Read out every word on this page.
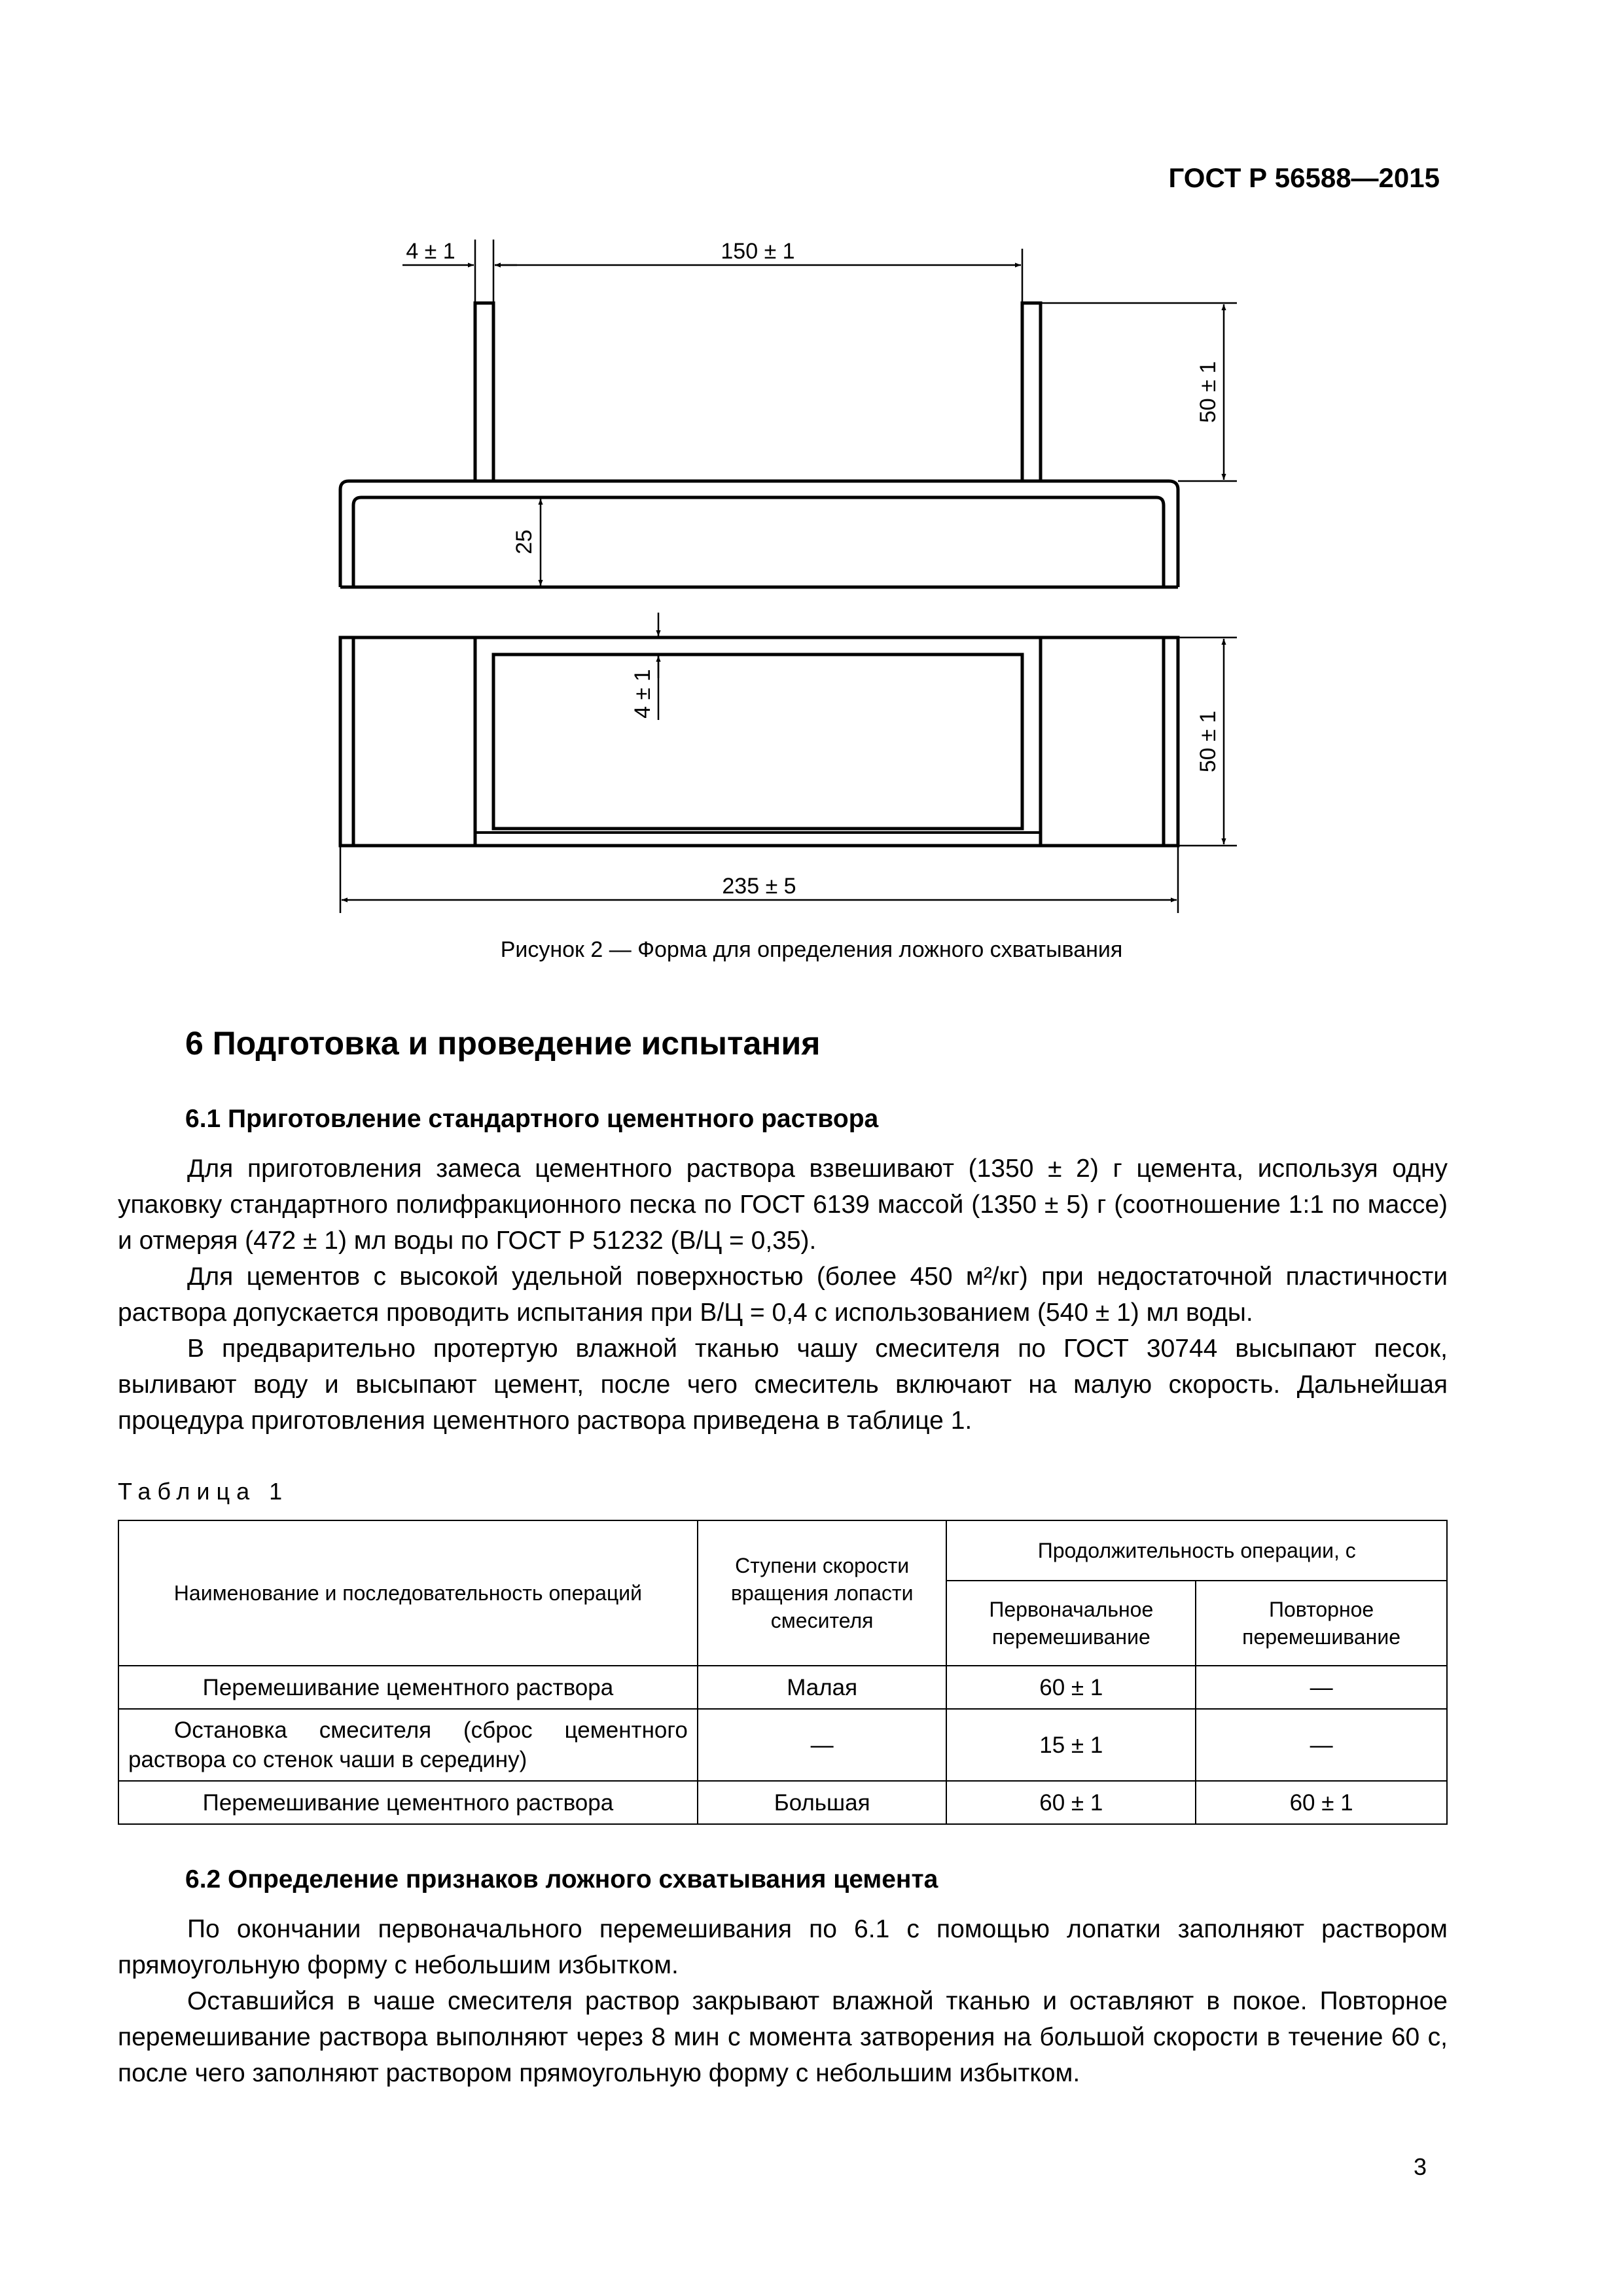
ГОСТ Р 56588—2015
4 ± 1	150 ± 1
50 ± 1
25
4 ± 1
50 ± 1
235 ± 5
Рисунок 2 — Форма для определения ложного схватывания
6 Подготовка и проведение испытания
6.1 Приготовление стандартного цементного раствора
Для приготовления замеса цементного раствора взвешивают (1350 ± 2) г цемента, используя одну упаковку стандартного полифракционного песка по ГОСТ 6139 массой (1350 ± 5) г (соотношение 1:1 по массе) и отмеряя (472 ± 1) мл воды по ГОСТ Р 51232 (В/Ц = 0,35).
Для цементов с высокой удельной поверхностью (более 450 м²/кг) при недостаточной пластичности раствора допускается проводить испытания при В/Ц = 0,4 с использованием (540 ± 1) мл воды.
В предварительно протертую влажной тканью чашу смесителя по ГОСТ 30744 высыпают песок, выливают воду и высыпают цемент, после чего смеситель включают на малую скорость. Дальнейшая процедура приготовления цементного раствора приведена в таблице 1.
Таблица 1
Наименование и последовательность операций	Ступени скорости вращения лопасти смесителя	Продолжительность операции, с	
		Первоначальное перемешивание	Повторное перемешивание
Перемешивание цементного раствора	Малая	60 ± 1	—
Остановка смесителя (сброс цементного раствора со стенок чаши в середину)	—	15 ± 1	—
Перемешивание цементного раствора	Большая	60 ± 1	60 ± 1
6.2 Определение признаков ложного схватывания цемента
По окончании первоначального перемешивания по 6.1 с помощью лопатки заполняют раствором прямоугольную форму с небольшим избытком.
Оставшийся в чаше смесителя раствор закрывают влажной тканью и оставляют в покое. Повторное перемешивание раствора выполняют через 8 мин с момента затворения на большой скорости в течение 60 с, после чего заполняют раствором прямоугольную форму с небольшим избытком.
3
